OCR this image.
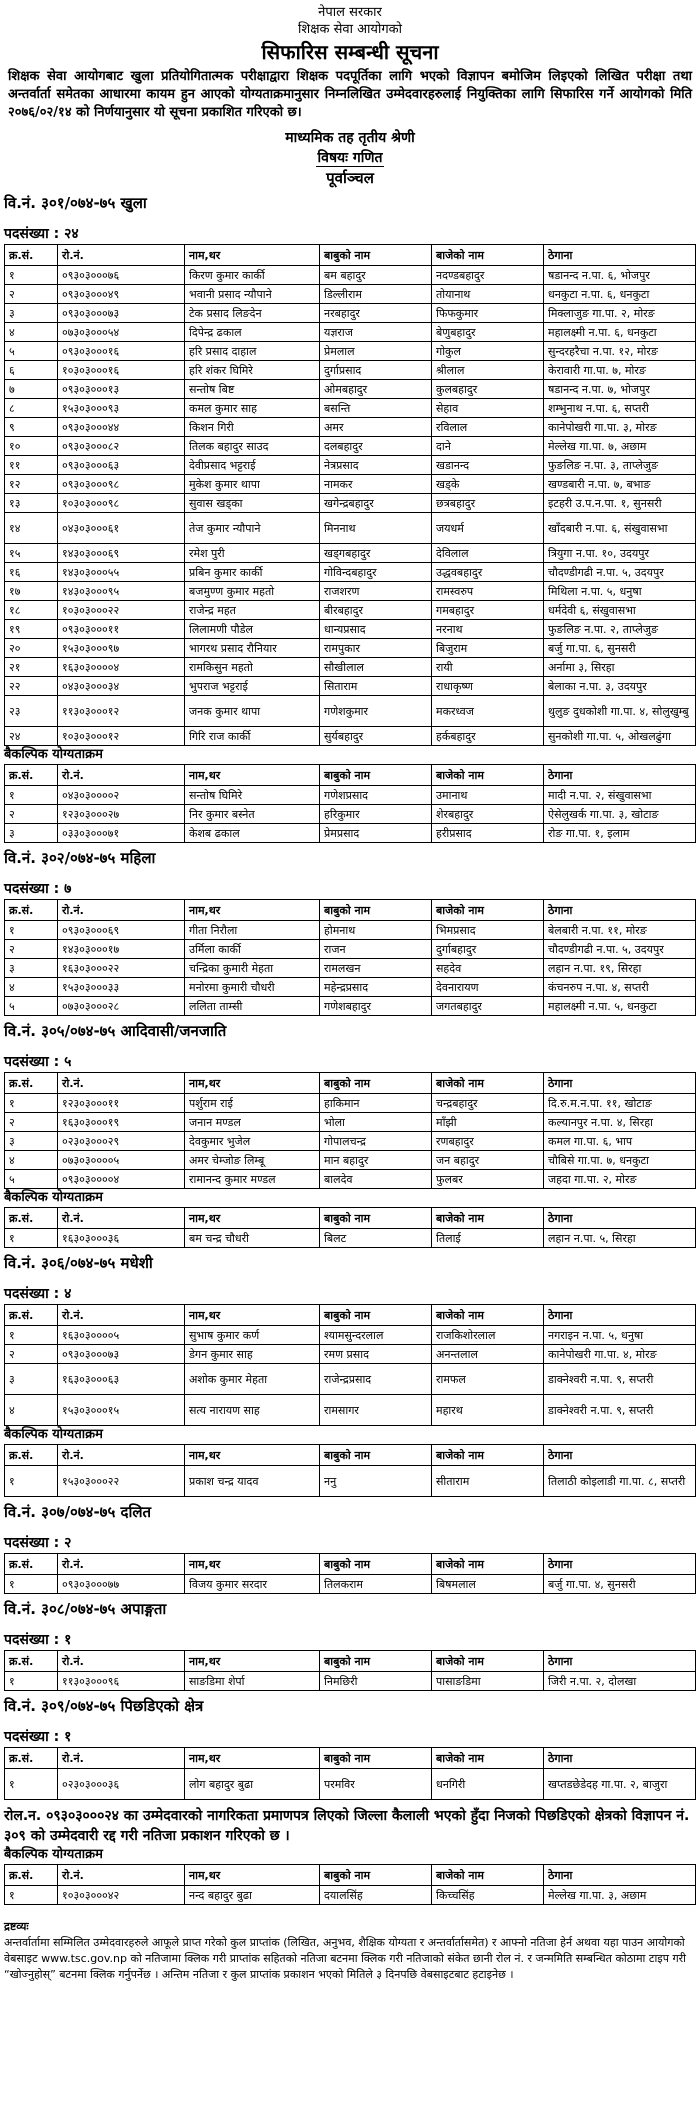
नेपाल सरकार
शिक्षक सेवा आयोगको
सिफारिस सम्बन्धी सूचना
शिक्षक सेवा आयोगबाट खुला प्रतियोगितात्मक परीक्षाद्वारा शिक्षक पदपूर्तिका लागि भएको विज्ञापन बमोजिम लिइएको लिखित परीक्षा तथा अन्तर्वार्ता समेतका आधारमा कायम हुन आएको योग्यताक्रमानुसार निम्नलिखित उम्मेदवारहरुलाई नियुक्तिका लागि सिफारिस गर्ने आयोगको मिति २०७६/०२/१४ को निर्णयानुसार यो सूचना प्रकाशित गरिएको छ।
माध्यमिक तह तृतीय श्रेणी
विषयः गणित
पूर्वाञ्चल
वि.नं. ३०१/०७४-७५ खुला
पदसंख्या : २४
क्र.सं.	रो.नं.	नाम,थर	बाबुको नाम	बाजेको नाम	ठेगाना
१	०९३०३०००७६	किरण कुमार कार्की	बम बहादुर	नदण्डबहादुर	षडानन्द न.पा. ६, भोजपुर
२	०९३०३०००४९	भवानी प्रसाद न्यौपाने	डिल्लीराम	तोयानाथ	धनकुटा न.पा. ६, धनकुटा
३	०९३०३०००७३	टेक प्रसाद लिङदेन	नरबहादुर	फिफकुमार	मिक्लाजुङ गा.पा. २, मोरङ
४	०७३०३०००५४	दिपेन्द्र ढकाल	यज्ञराज	बेणुबहादुर	महालक्ष्मी न.पा. ६, धनकुटा
५	०९३०३०००१६	हरि प्रसाद दाहाल	प्रेमलाल	गोकुल	सुन्दरहरैचा न.पा. १२, मोरङ
६	१०३०३०००१६	हरि शंकर घिमिरे	दुर्गाप्रसाद	श्रीलाल	केरावारी गा.पा. ७, मोरङ
७	०९३०३०००१३	सन्तोष बिष्ट	ओमबहादुर	कुलबहादुर	षडानन्द न.पा. ७, भोजपुर
८	१५३०३०००९३	कमल कुमार साह	बसन्ति	सेहाव	शम्भुनाथ न.पा. ६, सप्तरी
९	०९३०३०००४४	किशन गिरी	अमर	रविलाल	कानेपोखरी गा.पा. ३, मोरङ
१०	०९३०३०००८२	तिलक बहादुर साउद	दलबहादुर	दाने	मेल्लेख गा.पा. ७, अछाम
११	०९३०३०००६३	देवीप्रसाद भट्टराई	नेत्रप्रसाद	खडानन्द	फुङलिङ न.पा. ३, ताप्लेजुङ
१२	०९३०३०००९८	मुकेश कुमार थापा	नामकर	खड्के	खण्डबारी न.पा. ७, बभाङ
१३	१०३०३०००९८	सुवास खड्का	खगेन्द्रबहादुर	छत्रबहादुर	इटहरी उ.प.न.पा. १, सुनसरी
१४	०४३०३०००६१	तेज कुमार न्यौपाने	मिननाथ	जयधर्म	खाँदबारी न.पा. ६, संखुवासभा
१५	१४३०३०००६९	रमेश पुरी	खड्गबहादुर	देविलाल	त्रियुगा न.पा. १०, उदयपुर
१६	१४३०३०००५५	प्रबिन कुमार कार्की	गोविन्दबहादुर	उद्धवबहादुर	चौदण्डीगढी न.पा. ५, उदयपुर
१७	१४३०३०००९५	बजमुण्ण कुमार महतो	राजशरण	रामस्वरुप	मिथिला न.पा. ५, धनुषा
१८	१०३०३०००२२	राजेन्द्र महत	बीरबहादुर	गमबहादुर	धर्मदेवी ६, संखुवासभा
१९	०९३०३०००११	लिलामणी पौडेल	धान्यप्रसाद	नरनाथ	फुङलिङ न.पा. २, ताप्लेजुङ
२०	१५३०३०००९७	भागरथ प्रसाद रौनियार	रामपुकार	बिजुराम	बर्जु गा.पा. ६, सुनसरी
२१	१६३०३००००४	रामकिसुन महतो	सौखीलाल	रायी	अर्नामा ३, सिरहा
२२	०४३०३०००३४	भुपराज भट्टराई	सिताराम	राधाकृष्ण	बेलाका न.पा. ३, उदयपुर
२३	११३०३०००१२	जनक कुमार थापा	गणेशकुमार	मकरध्वज	थुलुङ दुधकोशी गा.पा. ४, सोलुखुम्बु
२४	१०३०३०००१२	गिरि राज कार्की	सुर्यबहादुर	हर्कबहादुर	सुनकोशी गा.पा. ५, ओखलढुंगा
बैकल्पिक योग्यताक्रम
क्र.सं.	रो.नं.	नाम,थर	बाबुको नाम	बाजेको नाम	ठेगाना
१	०४३०३००००२	सन्तोष घिमिरे	गणेशप्रसाद	उमानाथ	मादी न.पा. २, संखुवासभा
२	१२३०३०००२७	निर कुमार बस्नेत	हरिकुमार	शेरबहादुर	ऐसेलुखर्क गा.पा. ३, खोटाङ
३	०३३०३०००७१	केशब ढकाल	प्रेमप्रसाद	हरीप्रसाद	रोङ गा.पा. १, इलाम
वि.नं. ३०२/०७४-७५ महिला
पदसंख्या : ७
क्र.सं.	रो.नं.	नाम,थर	बाबुको नाम	बाजेको नाम	ठेगाना
१	०९३०३०००६९	गीता निरौला	होमनाथ	भिमप्रसाद	बेलबारी न.पा. ११, मोरङ
२	१४३०३०००१७	उर्मिला कार्की	राजन	दुर्गाबहादुर	चौदण्डीगढी न.पा. ५, उदयपुर
३	१६३०३०००२२	चन्द्रिका कुमारी मेहता	रामलखन	सहदेव	लहान न.पा. १९, सिरहा
४	१५३०३०००३३	मनोरमा कुमारी चौधरी	महेन्द्रप्रसाद	देवनारायण	कंचनरुप न.पा. ४, सप्तरी
५	०७३०३०००२८	ललिता ताम्सी	गणेशबहादुर	जगतबहादुर	महालक्ष्मी न.पा. ५, धनकुटा
वि.नं. ३०५/०७४-७५ आदिवासी/जनजाति
पदसंख्या : ५
क्र.सं.	रो.नं.	नाम,थर	बाबुको नाम	बाजेको नाम	ठेगाना
१	१२३०३०००११	पर्शुराम राई	हाकिमान	चन्द्रबहादुर	दि.रु.म.न.पा. ११, खोटाङ
२	१६३०३०००१९	जनान मण्डल	भोला	माँझी	कल्यानपुर न.पा. ४, सिरहा
३	०२३०३०००२९	देवकुमार भुजेल	गोपालचन्द्र	रणबहादुर	कमल गा.पा. ६, भाप
४	०७३०३००००५	अमर चेम्जोङ लिम्बू	मान बहादुर	जन बहादुर	चौबिसे गा.पा. ७, धनकुटा
५	०९३०३००००४	रामानन्द कुमार मण्डल	बालदेव	फुलबर	जहदा गा.पा. २, मोरङ
बैकल्पिक योग्यताक्रम
क्र.सं.	रो.नं.	नाम,थर	बाबुको नाम	बाजेको नाम	ठेगाना
१	१६३०३०००३६	बम चन्द्र चौधरी	बिलट	तिलाई	लहान न.पा. ५, सिरहा
वि.नं. ३०६/०७४-७५ मधेशी
पदसंख्या : ४
क्र.सं.	रो.नं.	नाम,थर	बाबुको नाम	बाजेको नाम	ठेगाना
१	१६३०३००००५	सुभाष कुमार कर्ण	श्यामसुन्दरलाल	राजकिशोरलाल	नगराइन न.पा. ५, धनुषा
२	०९३०३०००७३	डेगन कुमार साह	रमण प्रसाद	अनन्तलाल	कानेपोखरी गा.पा. ४, मोरङ
३	१६३०३०००६३	अशोक कुमार मेहता	राजेन्द्रप्रसाद	रामफल	डाक्नेश्वरी न.पा. ९, सप्तरी
४	१५३०३०००१५	सत्य नारायण साह	रामसागर	महारथ	डाक्नेश्वरी न.पा. ९, सप्तरी
बैकल्पिक योग्यताक्रम
क्र.सं.	रो.नं.	नाम,थर	बाबुको नाम	बाजेको नाम	ठेगाना
१	१५३०३०००२२	प्रकाश चन्द्र यादव	ननु	सीताराम	तिलाठी कोइलाडी गा.पा. ८, सप्तरी
वि.नं. ३०७/०७४-७५ दलित
पदसंख्या : २
क्र.सं.	रो.नं.	नाम,थर	बाबुको नाम	बाजेको नाम	ठेगाना
१	०९३०३०००७७	विजय कुमार सरदार	तिलकराम	बिषमलाल	बर्जु गा.पा. ४, सुनसरी
वि.नं. ३०८/०७४-७५ अपाङ्गता
पदसंख्या : १
क्र.सं.	रो.नं.	नाम,थर	बाबुको नाम	बाजेको नाम	ठेगाना
१	११३०३०००९६	साङडिमा शेर्पा	निमछिरी	पासाङडिमा	जिरी न.पा. २, दोलखा
वि.नं. ३०९/०७४-७५ पिछडिएको क्षेत्र
पदसंख्या : १
क्र.सं.	रो.नं.	नाम,थर	बाबुको नाम	बाजेको नाम	ठेगाना
१	०२३०३०००३६	लोग बहादुर बुढा	परमविर	धनगिरी	खप्तडछेडेदह गा.पा. २, बाजुरा
रोल.न. ०९३०३०००२४ का उम्मेदवारको नागरिकता प्रमाणपत्र लिएको जिल्ला कैलाली भएको हुँदा निजको पिछडिएको क्षेत्रको विज्ञापन नं. ३०९ को उम्मेदवारी रद्द गरी नतिजा प्रकाशन गरिएको छ ।
बैकल्पिक योग्यताक्रम
क्र.सं.	रो.नं.	नाम,थर	बाबुको नाम	बाजेको नाम	ठेगाना
१	१०३०३०००४२	नन्द बहादुर बुढा	दयालसिंह	किच्चसिंह	मेल्लेख गा.पा. ३, अछाम
द्रष्टव्यः
अन्तर्वार्तामा सम्मिलित उम्मेदवारहरुले आफूले प्राप्त गरेको कुल प्राप्तांक (लिखित, अनुभव, शैक्षिक योग्यता र अन्तर्वार्तासमेत) र आफ्नो नतिजा हेर्न अथवा यहा पाउन आयोगको वेबसाइट www.tsc.gov.np को नतिजामा क्लिक गरी प्राप्तांक सहितको नतिजा बटनमा क्लिक गरी नतिजाको संकेत छानी रोल नं. र जन्ममिति सम्बन्धित कोठामा टाइप गरी “खोज्नुहोस्” बटनमा क्लिक गर्नुपर्नेछ । अन्तिम नतिजा र कुल प्राप्तांक प्रकाशन भएको मितिले ३ दिनपछि वेबसाइटबाट हटाइनेछ ।
